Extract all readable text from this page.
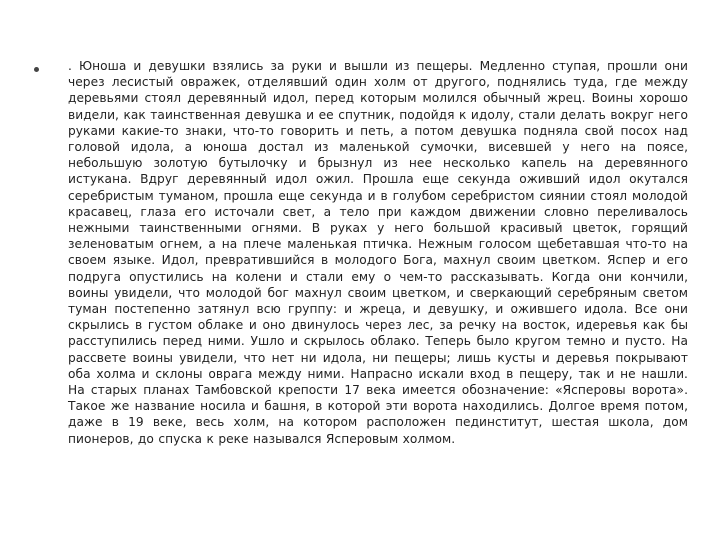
. Юноша и девушки взялись за руки и вышли из пещеры. Медленно ступая, прошли они через лесистый овражек, отделявший один холм от другого, поднялись туда, где между деревьями стоял деревянный идол, перед которым молился обычный жрец. Воины хорошо видели, как таинственная девушка и ее спутник, подойдя к идолу, стали делать вокруг него руками какие-то знаки, что-то говорить и петь, а потом девушка подняла свой посох над головой идола, а юноша достал из маленькой сумочки, висевшей у него на поясе, небольшую золотую бутылочку и брызнул из нее несколько капель на деревянного истукана. Вдруг деревянный идол ожил. Прошла еще секунда оживший идол окутался серебристым туманом, прошла еще секунда и в голубом серебристом сиянии стоял молодой красавец, глаза его источали свет, а тело при каждом движении словно переливалось нежными таинственными огнями. В руках у него большой красивый цветок, горящий зеленоватым огнем, а на плече маленькая птичка. Нежным голосом щебетавшая что-то на своем языке. Идол, превратившийся в молодого Бога, махнул своим цветком. Яспер и его подруга опустились на колени и стали ему о чем-то рассказывать. Когда они кончили, воины увидели, что молодой бог махнул своим цветком, и сверкающий серебряным светом туман постепенно затянул всю группу: и жреца, и девушку, и ожившего идола. Все они скрылись в густом облаке и оно двинулось через лес, за речку на восток, идеревья как бы расступились перед ними. Ушло и скрылось облако. Теперь было кругом темно и пусто. На рассвете воины увидели, что нет ни идола, ни пещеры; лишь кусты и деревья покрывают оба холма и склоны оврага между ними. Напрасно искали вход в пещеру, так и не нашли. На старых планах Тамбовской крепости 17 века имеется обозначение: «Ясперовы ворота». Такое же название носила и башня, в которой эти ворота находились. Долгое время потом, даже в 19 веке, весь холм, на котором расположен пединститут, шестая школа, дом пионеров, до спуска к реке назывался Ясперовым холмом.
